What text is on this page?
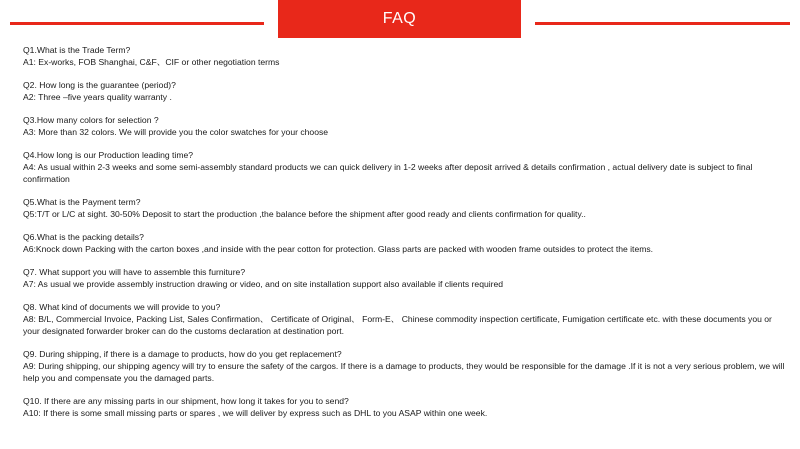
FAQ

Q1.What is the Trade Term?

A1: Ex-works, FOB Shanghai, C&F、CIF or other negotiation terms

Q2. How long is the guarantee (period)?

A2: Three –five years quality warranty .

Q3.How many colors for selection ?

A3: More than 32 colors. We will provide you the color swatches for your choose

Q4.How long is our Production leading time?

A4: As usual within 2-3 weeks and some semi-assembly standard products we can quick delivery in 1-2 weeks after deposit arrived & details confirmation , actual delivery date is subject to final confirmation

Q5.What is the Payment term?

Q5:T/T or L/C at sight. 30-50% Deposit to start the production ,the balance before the shipment after good ready and clients confirmation for quality..

Q6.What is the packing details?

A6:Knock down Packing with the carton boxes ,and inside with the pear cotton for protection. Glass parts are packed with wooden frame outsides to protect the items.

Q7. What support you will have to assemble this furniture?

A7: As usual we provide assembly instruction drawing or video, and on site installation support also available if clients required

Q8. What kind of documents we will provide to you?

A8: B/L, Commercial Invoice, Packing List, Sales Confirmation、 Certificate of Original、 Form-E、 Chinese commodity inspection certificate, Fumigation certificate etc. with these documents you or your designated forwarder broker can do the customs declaration at destination port.

Q9. During shipping, if there is a damage to products, how do you get replacement?

A9: During shipping, our shipping agency will try to ensure the safety of the cargos. If there is a damage to products, they would be responsible for the damage .If it is not a very serious problem, we will help you and compensate you the damaged parts.

Q10. If there are any missing parts in our shipment, how long it takes for you to send?

A10: If there is some small missing parts or spares , we will deliver by express such as DHL to you ASAP within one week.
